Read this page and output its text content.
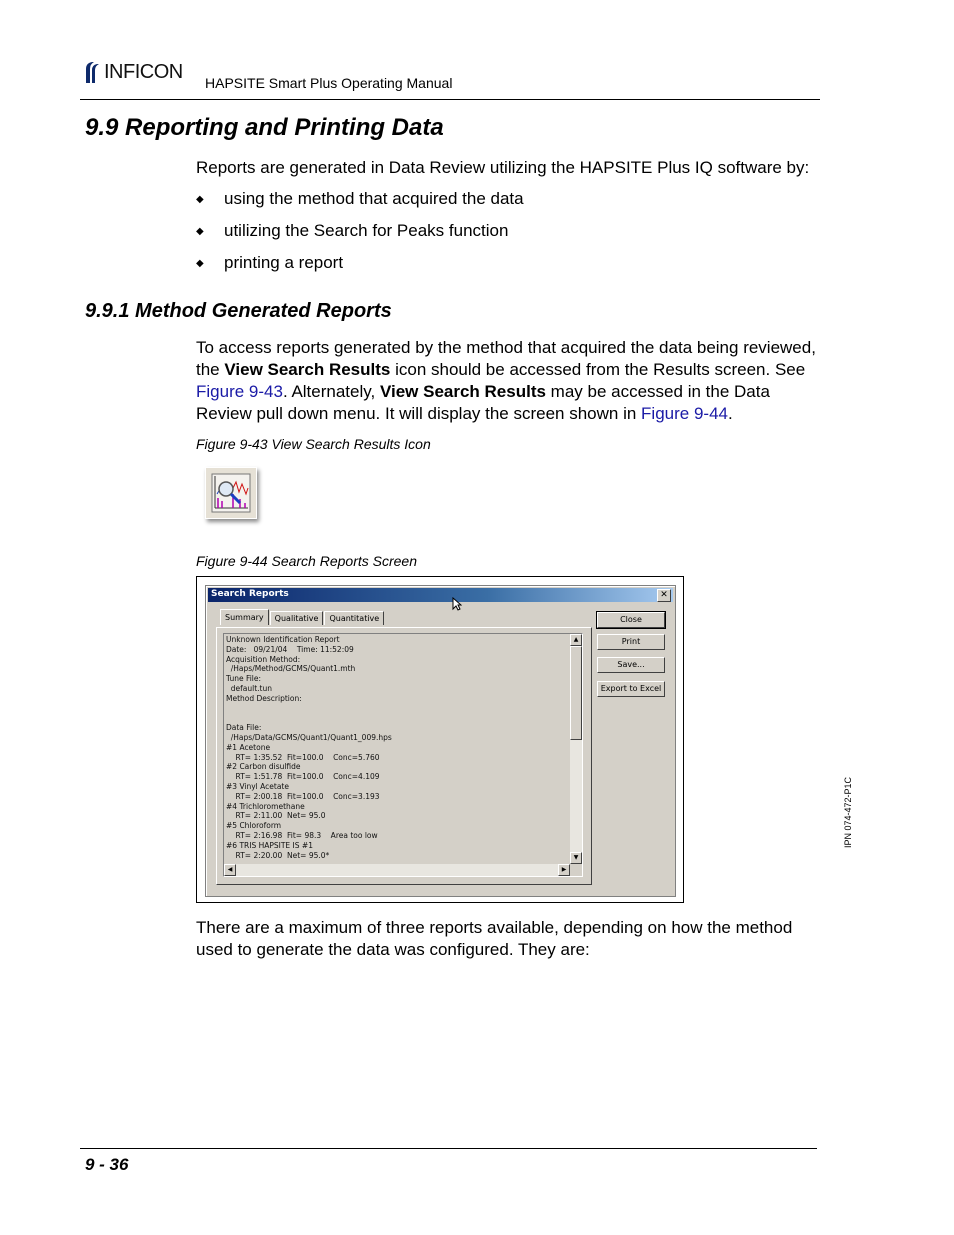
INFICON
HAPSITE Smart Plus Operating Manual
9.9 Reporting and Printing Data
Reports are generated in Data Review utilizing the HAPSITE Plus IQ software by:
◆	using the method that acquired the data
◆	utilizing the Search for Peaks function
◆	printing a report
9.9.1 Method Generated Reports
To access reports generated by the method that acquired the data being reviewed, the View Search Results icon should be accessed from the Results screen. See Figure 9-43. Alternately, View Search Results may be accessed in the Data Review pull down menu. It will display the screen shown in Figure 9-44.
Figure 9-43 View Search Results Icon
Figure 9-44 Search Reports Screen
Search Reports	✕
Summary	Qualitative	Quantitative
Unknown Identification Report
Date:   09/21/04    Time: 11:52:09
Acquisition Method:
/Haps/Method/GCMS/Quant1.mth
Tune File:
default.tun
Method Description:

Data File:
/Haps/Data/GCMS/Quant1/Quant1_009.hps
#1 Acetone
RT= 1:35.52  Fit=100.0    Conc=5.760
#2 Carbon disulfide
RT= 1:51.78  Fit=100.0    Conc=4.109
#3 Vinyl Acetate
RT= 2:00.18  Fit=100.0    Conc=3.193
#4 Trichloromethane
RT= 2:11.00  Net= 95.0
#5 Chloroform
RT= 2:16.98  Fit= 98.3    Area too low
#6 TRIS HAPSITE IS #1
RT= 2:20.00  Net= 95.0*
▲
▼
◀	▶
Close
Print
Save...
Export to Excel
There are a maximum of three reports available, depending on how the method used to generate the data was configured. They are:
IPN 074-472-P1C
9 - 36
